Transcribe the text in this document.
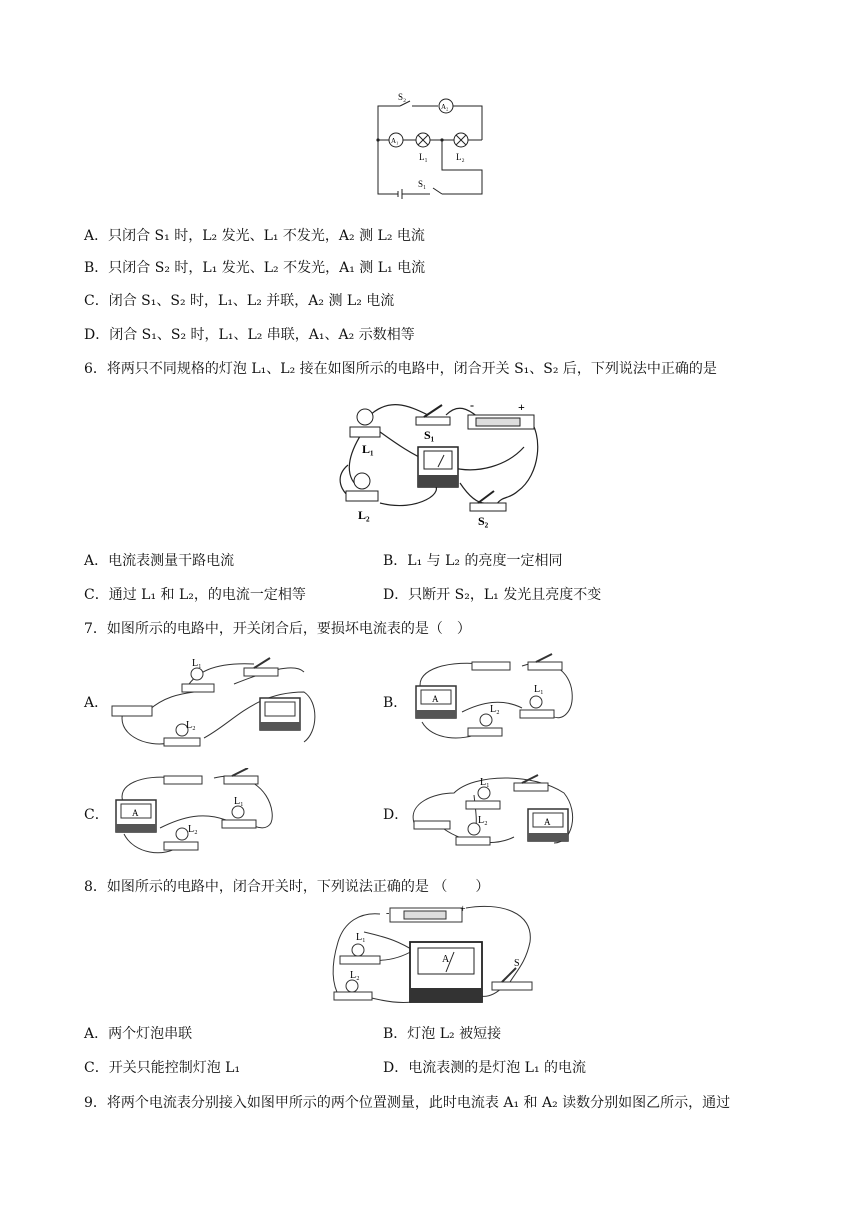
S₂
A₂
A₁
L₁	L₂
S₁
A．只闭合 S₁ 时，L₂ 发光、L₁ 不发光，A₂ 测 L₂ 电流
B．只闭合 S₂ 时，L₁ 发光、L₂ 不发光，A₁ 测 L₁ 电流
C．闭合 S₁、S₂ 时，L₁、L₂ 并联，A₂ 测 L₂ 电流
D．闭合 S₁、S₂ 时，L₁、L₂ 串联，A₁、A₂ 示数相等
6．将两只不同规格的灯泡 L₁、L₂ 接在如图所示的电路中，闭合开关 S₁、S₂ 后，下列说法中正确的是
L₁
S₁
-	+
L₂	S₂
A．电流表测量干路电流	B．L₁ 与 L₂ 的亮度一定相同
C．通过 L₁ 和 L₂，的电流一定相等	D．只断开 S₂，L₁ 发光且亮度不变
7．如图所示的电路中，开关闭合后，要损坏电流表的是（　）
A．
L₁
L₂
B．	A
L₁
L₂
C．	A
L₁
L₂
D．
L₁
L₂	A
8．如图所示的电路中，闭合开关时，下列说法正确的是 （　　）
-	+
L₁
L₂
A	S
A．两个灯泡串联	B．灯泡 L₂ 被短接
C．开关只能控制灯泡 L₁	D．电流表测的是灯泡 L₁ 的电流
9．将两个电流表分别接入如图甲所示的两个位置测量，此时电流表 A₁ 和 A₂ 读数分别如图乙所示，通过
